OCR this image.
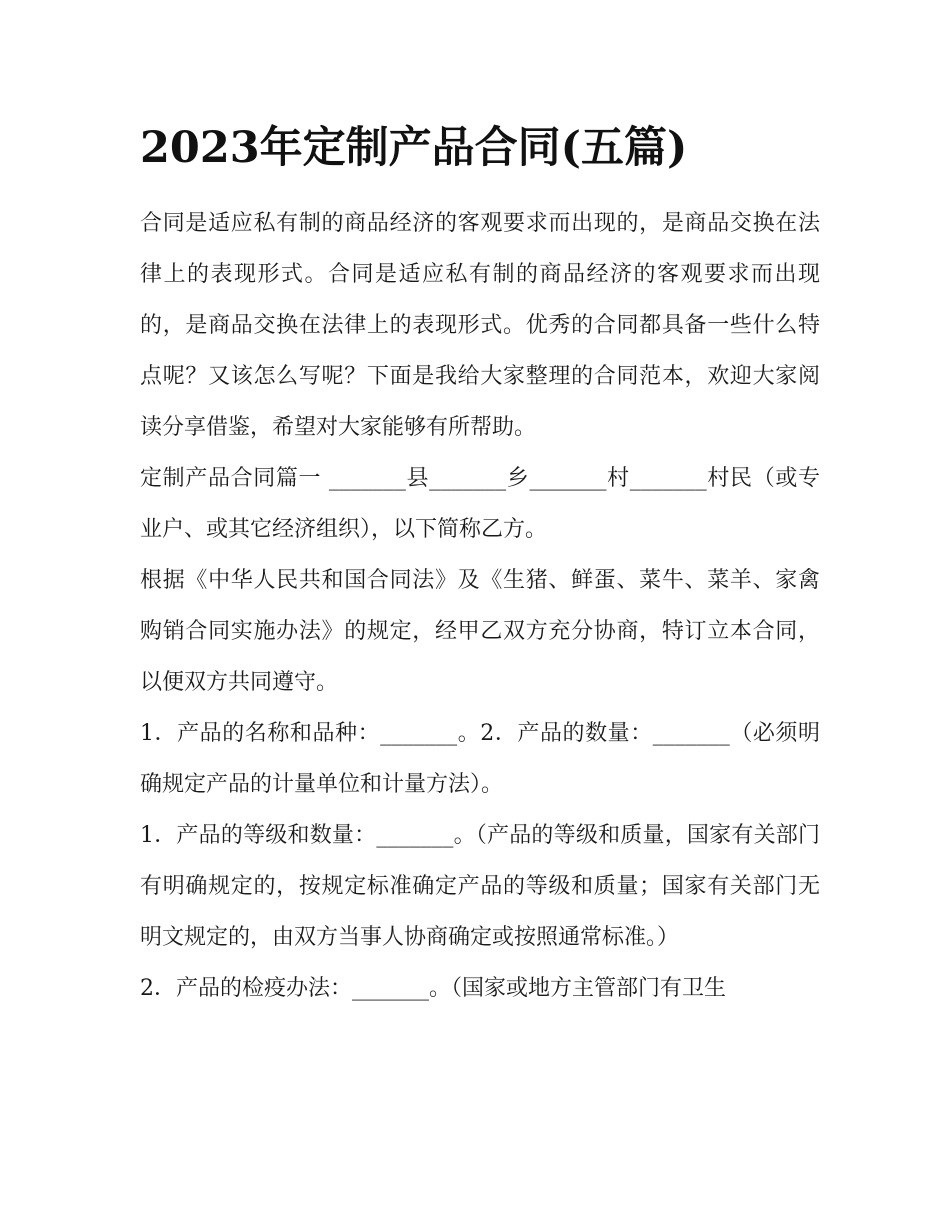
2023年定制产品合同(五篇)

合同是适应私有制的商品经济的客观要求而出现的，是商品交换在法律上的表现形式。合同是适应私有制的商品经济的客观要求而出现的，是商品交换在法律上的表现形式。优秀的合同都具备一些什么特点呢？又该怎么写呢？下面是我给大家整理的合同范本，欢迎大家阅读分享借鉴，希望对大家能够有所帮助。

定制产品合同篇一 _______县_______乡_______村_______村民（或专业户、或其它经济组织），以下简称乙方。

根据《中华人民共和国合同法》及《生猪、鲜蛋、菜牛、菜羊、家禽购销合同实施办法》的规定，经甲乙双方充分协商，特订立本合同，以便双方共同遵守。

1．产品的名称和品种：_______。2．产品的数量：_______（必须明确规定产品的计量单位和计量方法）。

1．产品的等级和数量：_______。（产品的等级和质量，国家有关部门有明确规定的，按规定标准确定产品的等级和质量；国家有关部门无明文规定的，由双方当事人协商确定或按照通常标准。）

2．产品的检疫办法：_______。（国家或地方主管部门有卫生
